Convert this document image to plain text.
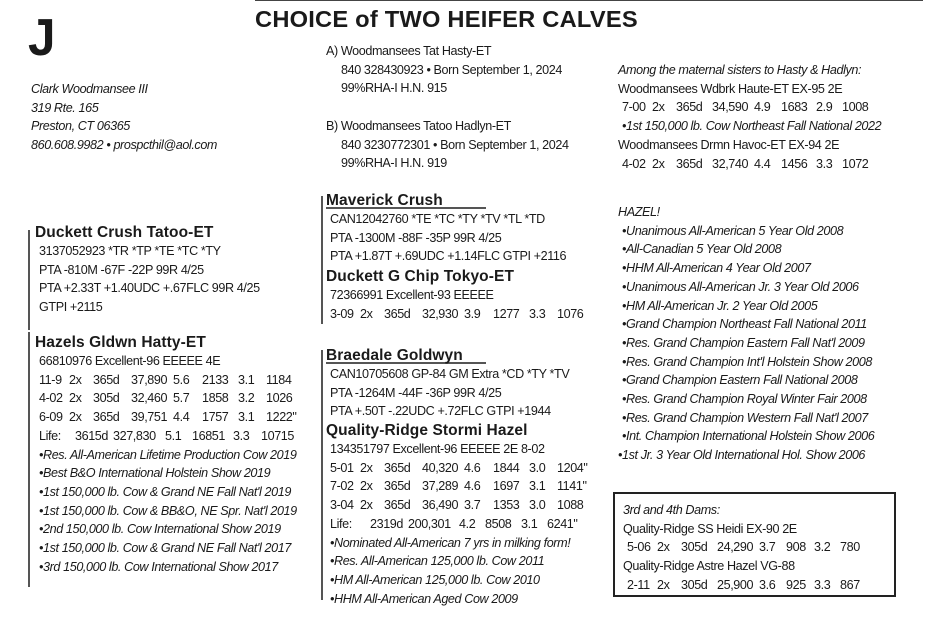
J	CHOICE of TWO HEIFER CALVES
Clark Woodmansee III
319 Rte. 165
Preston, CT 06365
860.608.9982 • prospcthil@aol.com
A) Woodmansees Tat Hasty-ET
840 328430923 • Born September 1, 2024
99%RHA-I H.N. 915
B) Woodmansees Tatoo Hadlyn-ET
840 3230772301 • Born September 1, 2024
99%RHA-I H.N. 919
Duckett Crush Tatoo-ET
3137052923 *TR *TP *TE *TC *TY
PTA -810M -67F -22P 99R 4/25
PTA +2.33T +1.40UDC +.67FLC 99R 4/25
GTPI +2115
Hazels Gldwn Hatty-ET
66810976 Excellent-96 EEEEE 4E
11-9 2x 365d 37,890 5.6 2133 3.1 1184
4-02 2x 305d 32,460 5.7 1858 3.2 1026
6-09 2x 365d 39,751 4.4 1757 3.1 1222"
Life: 3615d 327,830 5.1 16851 3.3 10715
•Res. All-American Lifetime Production Cow 2019
•Best B&O International Holstein Show 2019
•1st 150,000 lb. Cow & Grand NE Fall Nat'l 2019
•1st 150,000 lb. Cow & BB&O, NE Spr. Nat'l 2019
•2nd 150,000 lb. Cow International Show 2019
•1st 150,000 lb. Cow & Grand NE Fall Nat'l 2017
•3rd 150,000 lb. Cow International Show 2017
Maverick Crush
CAN12042760 *TE *TC *TY *TV *TL *TD
PTA -1300M -88F -35P 99R 4/25
PTA +1.87T +.69UDC +1.14FLC GTPI +2116
Duckett G Chip Tokyo-ET
72366991 Excellent-93 EEEEE
3-09 2x 365d 32,930 3.9 1277 3.3 1076
Braedale Goldwyn
CAN10705608 GP-84 GM Extra *CD *TY *TV
PTA -1264M -44F -36P 99R 4/25
PTA +.50T -.22UDC +.72FLC GTPI +1944
Quality-Ridge Stormi Hazel
134351797 Excellent-96 EEEEE 2E 8-02
5-01 2x 365d 40,320 4.6 1844 3.0 1204"
7-02 2x 365d 37,289 4.6 1697 3.1 1141"
3-04 2x 365d 36,490 3.7 1353 3.0 1088
Life: 2319d 200,301 4.2 8508 3.1 6241"
•Nominated All-American 7 yrs in milking form!
•Res. All-American 125,000 lb. Cow 2011
•HM All-American 125,000 lb. Cow 2010
•HHM All-American Aged Cow 2009
Among the maternal sisters to Hasty & Hadlyn:
Woodmansees Wdbrk Haute-ET EX-95 2E
7-00 2x 365d 34,590 4.9 1683 2.9 1008
•1st 150,000 lb. Cow Northeast Fall National 2022
Woodmansees Drmn Havoc-ET EX-94 2E
4-02 2x 365d 32,740 4.4 1456 3.3 1072
HAZEL!
•Unanimous All-American 5 Year Old 2008
•All-Canadian 5 Year Old 2008
•HHM All-American 4 Year Old 2007
•Unanimous All-American Jr. 3 Year Old 2006
•HM All-American Jr. 2 Year Old 2005
•Grand Champion Northeast Fall National 2011
•Res. Grand Champion Eastern Fall Nat'l 2009
•Res. Grand Champion Int'l Holstein Show 2008
•Grand Champion Eastern Fall National 2008
•Res. Grand Champion Royal Winter Fair 2008
•Res. Grand Champion Western Fall Nat'l 2007
•Int. Champion International Holstein Show 2006
•1st Jr. 3 Year Old International Hol. Show 2006
3rd and 4th Dams:
Quality-Ridge SS Heidi EX-90 2E
5-06 2x 305d 24,290 3.7 908 3.2 780
Quality-Ridge Astre Hazel VG-88
2-11 2x 305d 25,900 3.6 925 3.3 867
